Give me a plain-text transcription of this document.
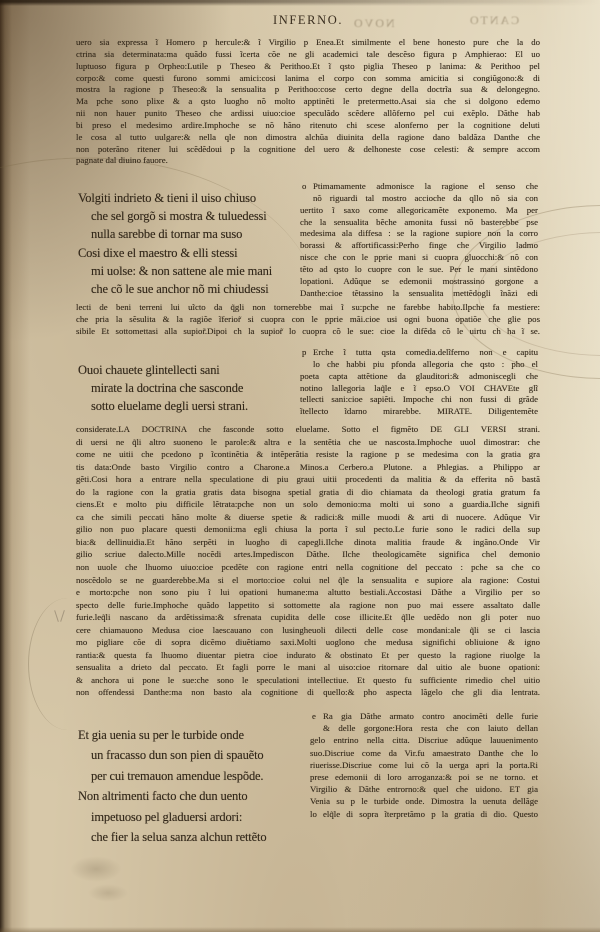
INFERNO. NOVO	CANTO
uero sia expressa ĩ Homero p hercule:& ĩ Virgilio p Enea.Et similmente el bene honesto pure che la do
ctrina sia determinata:ma quãdo fussi ĩcerta cõe ne gli academici tale descẽso figura p Amphierao: El uo
luptuoso figura p Orpheo:Lutile p Theseo & Perithoo.Et ĩ qsto piglia Theseo p lanima: & Perithoo pel
corpo:& come questi furono sommi amici:cosi lanima el corpo con somma amicitia si congiũgono:& di
mostra la ragione p Theseo:& la sensualita p Perithoo:cose certo degne della doctrĩa sua & delongegno.
Ma pche sono plixe & a qsto luogho nõ molto apptinẽti le pretermetto.Asai sia che si dolgono edemo
nii non hauer punito Theseo che ardissi uiuo:cioe speculãdo scẽdere allõferno pel cui exẽplo. Dãthe hab
bi preso el medesimo ardire.Imphoche se nõ hãno ritenuto chi scese alonferno per la cognitione deluti
le cosa al tutto uulgare:& nella qle non dimostra alchũa diuinita della ragione dano baldãza Danthe che
non poterãno ritener lui scẽdẽdoui p la cognitione del uero & delhoneste cose celesti: & sempre accom
pagnate dal diuino fauore.
o Ptimamamente admonisce la ragione el senso che
nõ riguardi tal mostro accioche da qllo nõ sia con
uertito ĩ saxo come allegoricamẽte exponemo. Ma per
che la sensualita bẽche amonita fussi nõ basterebbe pse
medesima ala diffesa : se la ragione supiore non la corro
borassi & affortificassi:Perho finge che Virgilio ladmo
nisce che con le pprie mani si cuopra gluocchi:& nõ con
tẽto ad qsto lo cuopre con le sue. Per le mani sintẽdono
lopationi. Adũque se edemonii mostrassino gorgone a
Danthe:cioe tẽtassino la sensualita mettẽdogli ĩnãzi edi
Volgiti indrieto & tieni il uiso chiuso
che sel gorgõ si mostra & tuluedessi
nulla sarebbe di tornar ma suso
Cosi dixe el maestro & elli stessi
mi uolse: & non sattene ale mie mani
che cõ le sue anchor nõ mi chiudessi
lecti de beni terreni lui uĩcto da q̃gli non tornerebbe mai ĩ su:pche ne farebbe habito.Ilpche fa mestiere:
che pria la sẽsulita & la ragiõe ĩferior̃ si cuopra con le pprie mãi.cioe usi ogni buona opatiõe che glie pos
sibile Et sottomettasi alla supior̃.Dipoi ch la supior̃ lo cuopra cõ le sue: cioe la difẽda cõ le uirtu ch ha ĩ se.
p Erche ĩ tutta qsta comedia.delĩferno non e capitu
lo che habbi piu pfonda allegoria che qsto : pho el
poeta capta attẽtione da glauditori:& admoniscegli che
notino lallegoria laq̃le e ĩ epso.O VOI CHAVEte glĩ
tellecti sani:cioe sapiẽti. Impoche chi non fussi di grãde
ĩtellecto ĩdarno mirarebbe. MIRATE. Diligentemẽte
Ouoi chauete glintellecti sani
mirate la doctrina che sasconde
sotto eluelame degli uersi strani.
considerate.LA DOCTRINA che fasconde sotto eluelame. Sotto el figmẽto DE GLI VERSI strani.
di uersi ne q̃li altro suoneno le parole:& altra e la sentẽtia che ue nascosta.Imphoche uuol dimostrar: che
come ne uitii che pcedono p ĩcontinẽtia & intẽperãtia resiste la ragione p se medesima con la gratia gra
tis data:Onde basto Virgilio contro a Charone.a Minos.a Cerbero.a Plutone. a Phlegias. a Philippo ar
gẽti.Cosi hora a entrare nella speculatione di piu graui uitii procedenti da malitia & da efferita nõ bastã
do la ragione con la gratia gratis data bisogna spetial gratia di dio chiamata da theologi gratia gratum fa
ciens.Et e molto piu difficile lẽtrata:pche non un solo demonio:ma molti ui sono a guardia.Ilche signifi
ca che simili peccati hãno molte & diuerse spetie & radici:& mille muodi & arti di nuocere. Adũque Vir
gilio non puo placare questi demonii:ma egli chiusa la porta ĩ sul pecto.Le furie sono le radici della sup
bia:& dellinuidia.Et hãno serpẽti in luogho di capegli.Ilche dinota malitia fraude & ingãno.Onde Vir
gilio scriue dalecto.Mille nocẽdi artes.Impediscon Dãthe. Ilche theologicamẽte significa chel demonio
non uuole che lhuomo uiuo:cioe pcedẽte con ragione entri nella cognitione del peccato : pche sa che co
noscẽdolo se ne guarderebbe.Ma si el morto:cioe colui nel q̃le la sensualita e supiore ala ragione: Costui
e morto:pche non sono piu ĩ lui opationi humane:ma altutto bestiali.Accostasi Dãthe a Virgilio per so
specto delle furie.Imphoche quãdo lappetito si sottomette ala ragione non puo mai essere assaltato dalle
furie.leq̃li nascano da ardẽtissima:& sfrenata cupidita delle cose illicite.Et q̃lle uedẽdo non gli poter nuo
cere chiamauono Medusa cioe laescauano con lusingheuoli dilecti delle cose mondani:ale q̃li se ci lascia
mo pigliare cõe di sopra dicẽmo diuẽtiamo saxi.Molti uoglono che medusa significhi obliuione & igno
rantia:& questa fa lhuomo diuentar pietra cioe indurato & obstinato Et per questo la ragione riuolge la
sensualita a drieto dal peccato. Et fagli porre le mani al uiso:cioe ritornare dal uitio ale buone opationi:
& anchora ui pone le sue:che sono le speculationi intellectiue. Et questo fu sufficiente rimedio chel uitio
non offendessi Danthe:ma non basto ala cognitione di quello:& pho aspecta lãgelo che gli dia lentrata.
e Ra gia Dãthe armato contro anocimẽti delle furie
& delle gorgone:Hora resta che con laiuto dellan
gelo entrino nella citta. Discriue adũque lauuenimento
suo.Discriue come da Vir.fu amaestrato Danthe che lo
riuerisse.Discriue come lui cõ la uerga apri la porta.Ri
prese edemonii di loro arroganza:& poi se ne torno. et
Virgilio & Dãthe entrorno:& quel che uidono. ET gia
Venia su p le turbide onde. Dimostra la uenuta dellãge
lo elq̃le di sopra ĩterpretãmo p la gratia di dio. Questo
Et gia uenia su per le turbide onde
un fracasso dun son pien di spauẽto
per cui tremauon amendue lespõde.
Non altrimenti facto che dun uento
impetuoso pel gladuersi ardori:
che fier la selua sanza alchun rettẽto
